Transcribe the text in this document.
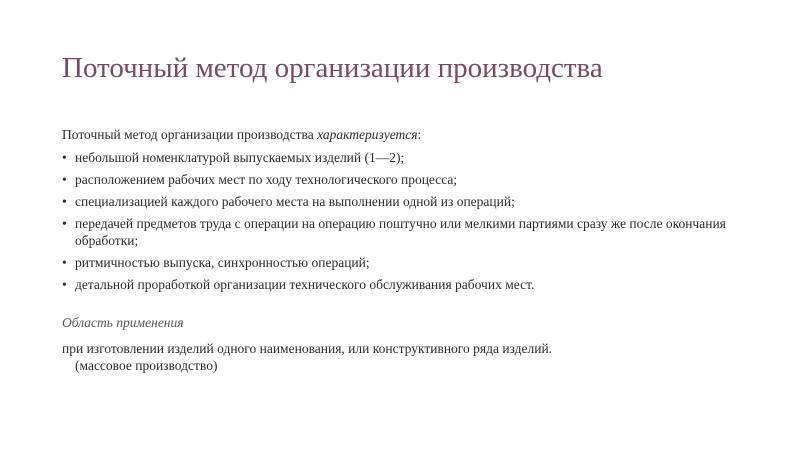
Поточный метод организации производства

Поточный метод организации производства характеризуется:

• небольшой номенклатурой выпускаемых изделий (1—2);
• расположением рабочих мест по ходу технологического процесса;
• специализацией каждого рабочего места на выполнении одной из операций;
• передачей предметов труда с операции на операцию поштучно или мелкими партиями сразу же после окончания обработки;
• ритмичностью выпуска, синхронностью операций;
• детальной проработкой организации технического обслуживания рабочих мест.
Область применения
при изготовлении изделий одного наименования, или конструктивного ряда изделий.
(массовое производство)
